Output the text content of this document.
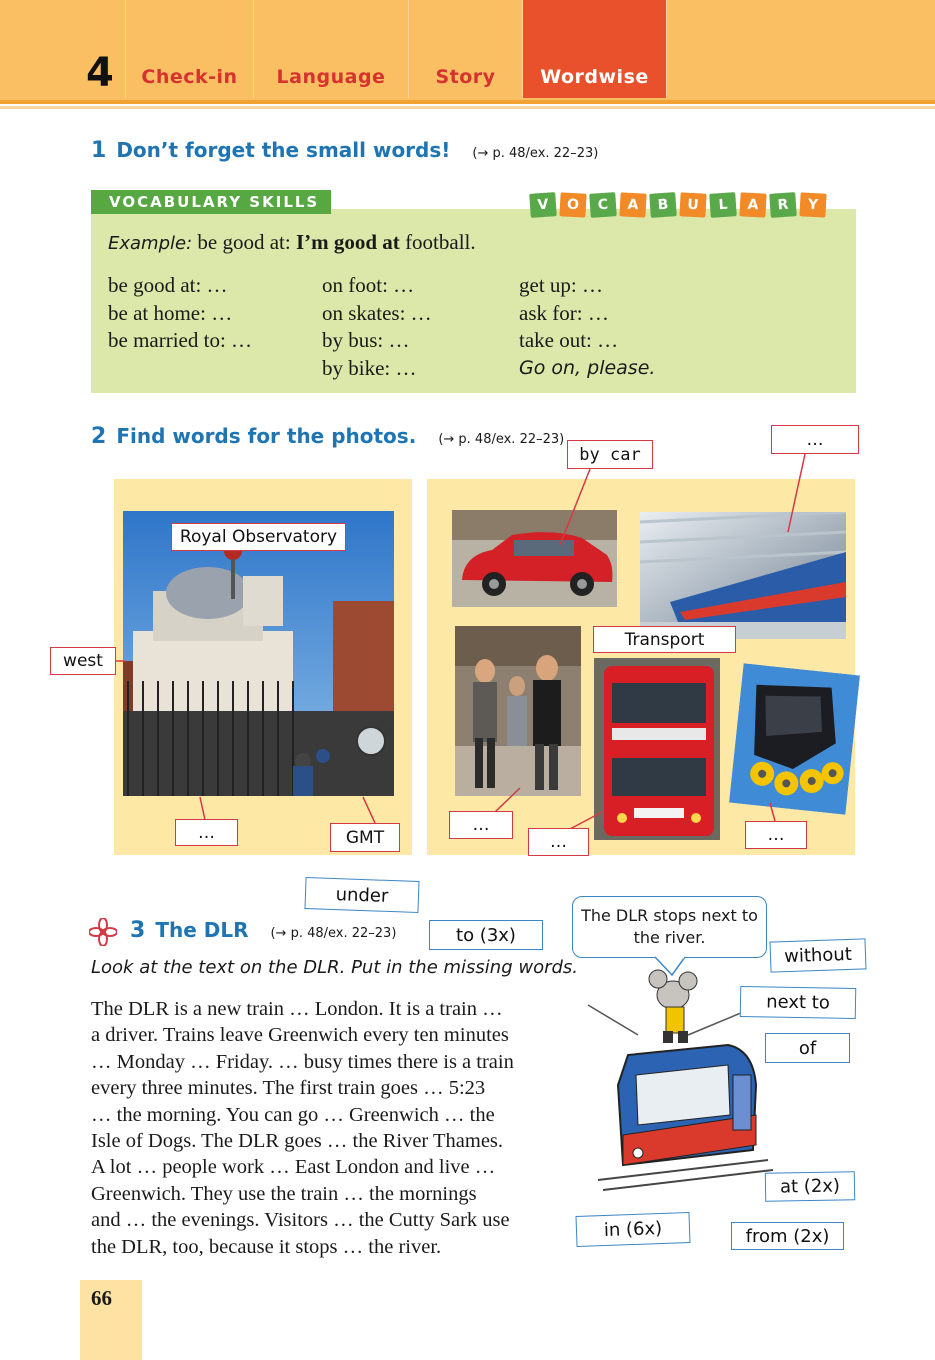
4	Check-in	Language	Story	Wordwise
1 Don’t forget the small words! (→ p. 48/ex. 22–23)
VOCABULARY SKILLS	V	O	C	A	B	U	L	A	R	Y
Example: be good at: I’m good at football.
be good at: …
be at home: …
be married to: …
on foot: …
on skates: …
by bus: …
by bike: …
get up: …
ask for: …
take out: …
Go on, please.
2 Find words for the photos. (→ p. 48/ex. 22–23)
Royal Observatory
west
…	GMT
by car
…
Transport
…
…	…
3 The DLR (→ p. 48/ex. 22–23)
Look at the text on the DLR. Put in the missing words.
The DLR is a new train … London. It is a train …
a driver. Trains leave Greenwich every ten minutes
… Monday … Friday. … busy times there is a train
every three minutes. The first train goes … 5:23
… the morning. You can go … Greenwich … the
Isle of Dogs. The DLR goes … the River Thames.
A lot … people work … East London and live …
Greenwich. They use the train … the mornings
and … the evenings. Visitors … the Cutty Sark use
the DLR, too, because it stops … the river.
The DLR stops next to
the river.
under
to (3x)
without
next to
of
at (2x)
in (6x)	from (2x)
66
